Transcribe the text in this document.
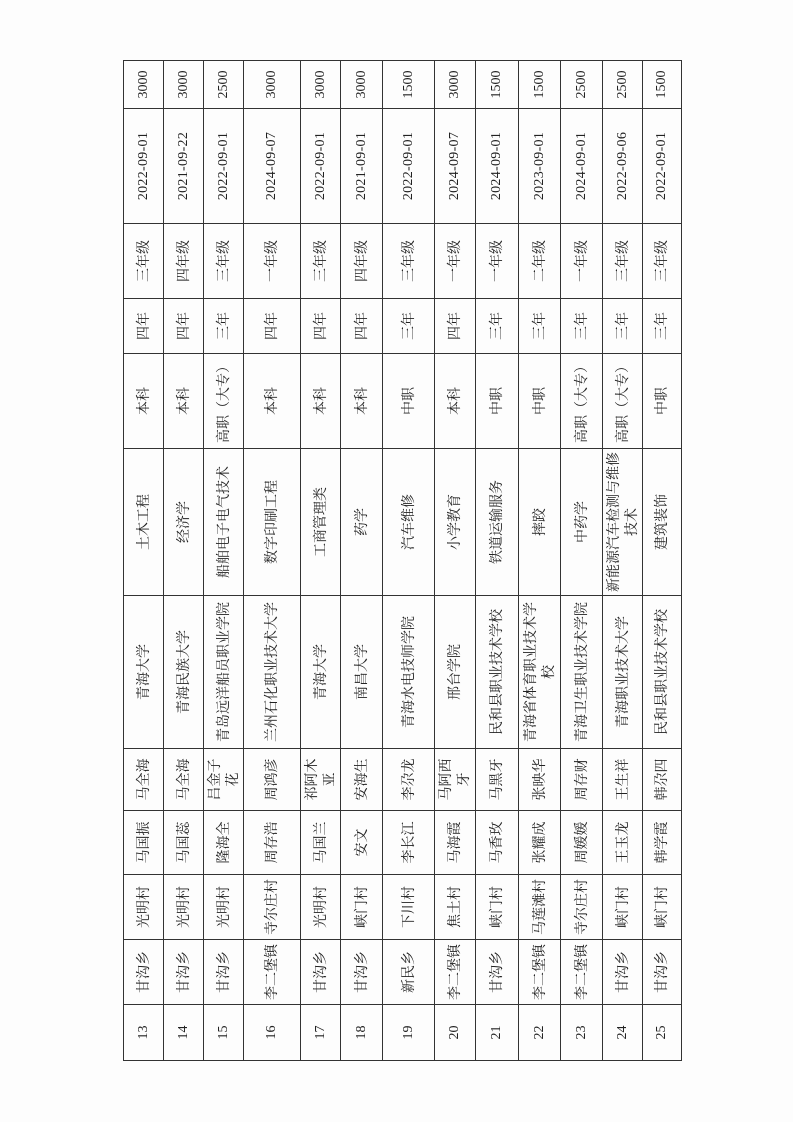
13	甘沟乡	光明村	马国振	马全海	青海大学	土木工程	本科	四年	三年级	2022-09-01	3000
14	甘沟乡	光明村	马国蕊	马全海	青海民族大学	经济学	本科	四年	四年级	2021-09-22	3000
15	甘沟乡	光明村	隆海全	吕金子花	青岛远洋船员职业学院	船舶电子电气技术	高职（大专）	三年	三年级	2022-09-01	2500
16	李二堡镇	寺尔庄村	周存浩	周鸿彦	兰州石化职业技术大学	数字印刷工程	本科	四年	一年级	2024-09-07	3000
17	甘沟乡	光明村	马国兰	祁阿木亚	青海大学	工商管理类	本科	四年	三年级	2022-09-01	3000
18	甘沟乡	峡门村	安文	安海生	南昌大学	药学	本科	四年	四年级	2021-09-01	3000
19	新民乡	下川村	李长江	李尕龙	青海水电技师学院	汽车维修	中职	三年	三年级	2022-09-01	1500
20	李二堡镇	焦土村	马海霞	马阿西牙	邢台学院	小学教育	本科	四年	一年级	2024-09-07	3000
21	甘沟乡	峡门村	马香玫	马黑牙	民和县职业技术学校	铁道运输服务	中职	三年	一年级	2024-09-01	1500
22	李二堡镇	马莲滩村	张耀成	张映华	青海省体育职业技术学校	摔跤	中职	三年	二年级	2023-09-01	1500
23	李二堡镇	寺尔庄村	周媛媛	周存财	青海卫生职业技术学院	中药学	高职（大专）	三年	一年级	2024-09-01	2500
24	甘沟乡	峡门村	王玉龙	王生祥	青海职业技术大学	新能源汽车检测与维修技术	高职（大专）	三年	三年级	2022-09-06	2500
25	甘沟乡	峡门村	韩学霞	韩尕四	民和县职业技术学校	建筑装饰	中职	三年	三年级	2022-09-01	1500
